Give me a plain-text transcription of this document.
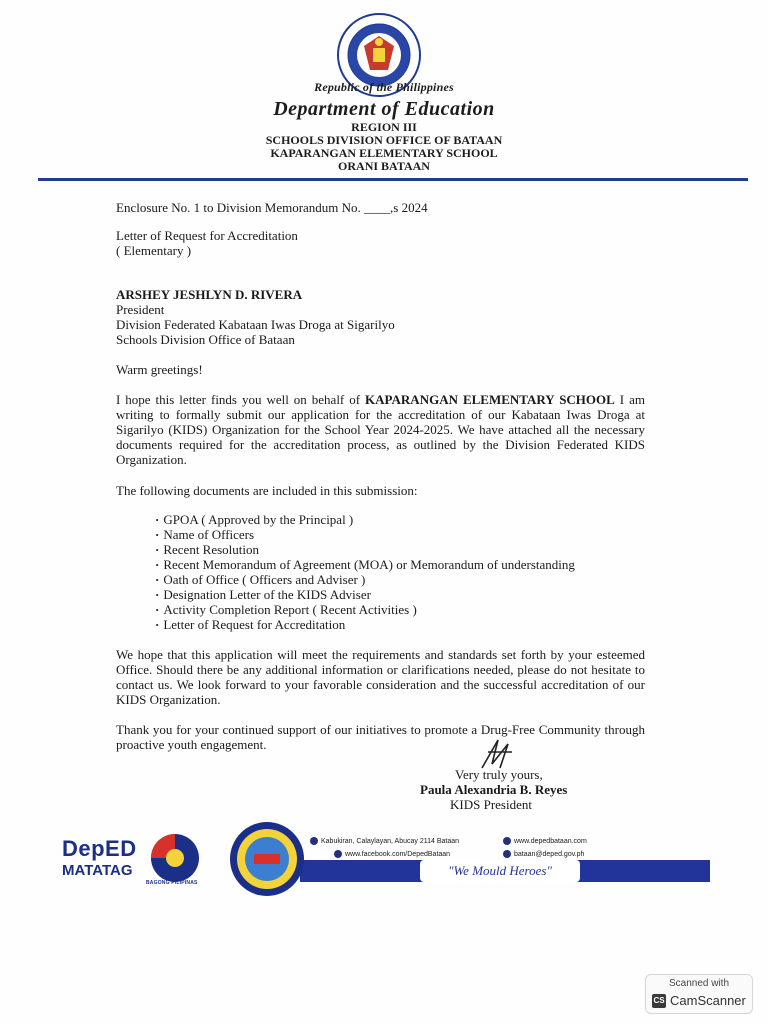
Republic of the Philippines
Department of Education
REGION III
SCHOOLS DIVISION OFFICE OF BATAAN
KAPARANGAN ELEMENTARY SCHOOL
ORANI BATAAN
Enclosure No. 1 to Division Memorandum No. ____,s 2024
Letter of Request for Accreditation
( Elementary )
ARSHEY JESHLYN D. RIVERA
President
Division Federated Kabataan Iwas Droga at Sigarilyo
Schools Division Office of Bataan
Warm greetings!
I hope this letter finds you well on behalf of KAPARANGAN ELEMENTARY SCHOOL I am writing to formally submit our application for the accreditation of our Kabataan Iwas Droga at Sigarilyo (KIDS) Organization for the School Year 2024-2025. We have attached all the necessary documents required for the accreditation process, as outlined by the Division Federated KIDS Organization.
The following documents are included in this submission:
· GPOA ( Approved by the Principal )
· Name of Officers
· Recent Resolution
· Recent Memorandum of Agreement (MOA) or Memorandum of understanding
· Oath of Office ( Officers and Adviser )
· Designation Letter of the KIDS Adviser
· Activity Completion Report ( Recent Activities )
· Letter of Request for Accreditation
We hope that this application will meet the requirements and standards set forth by your esteemed Office. Should there be any additional information or clarifications needed, please do not hesitate to contact us. We look forward to your favorable consideration and the successful accreditation of our KIDS Organization.
Thank you for your continued support of our initiatives to promote a Drug-Free Community through proactive youth engagement.
Very truly yours,
Paula Alexandria B. Reyes
KIDS President
DepED
MATATAG
BAGONG PILIPINAS
Kabukiran, Calaylayan, Abucay 2114 Bataan
www.facebook.com/DepedBataan
www.depedbataan.com
bataan@deped.gov.ph
"We Mould Heroes"
Scanned with
CS CamScanner
